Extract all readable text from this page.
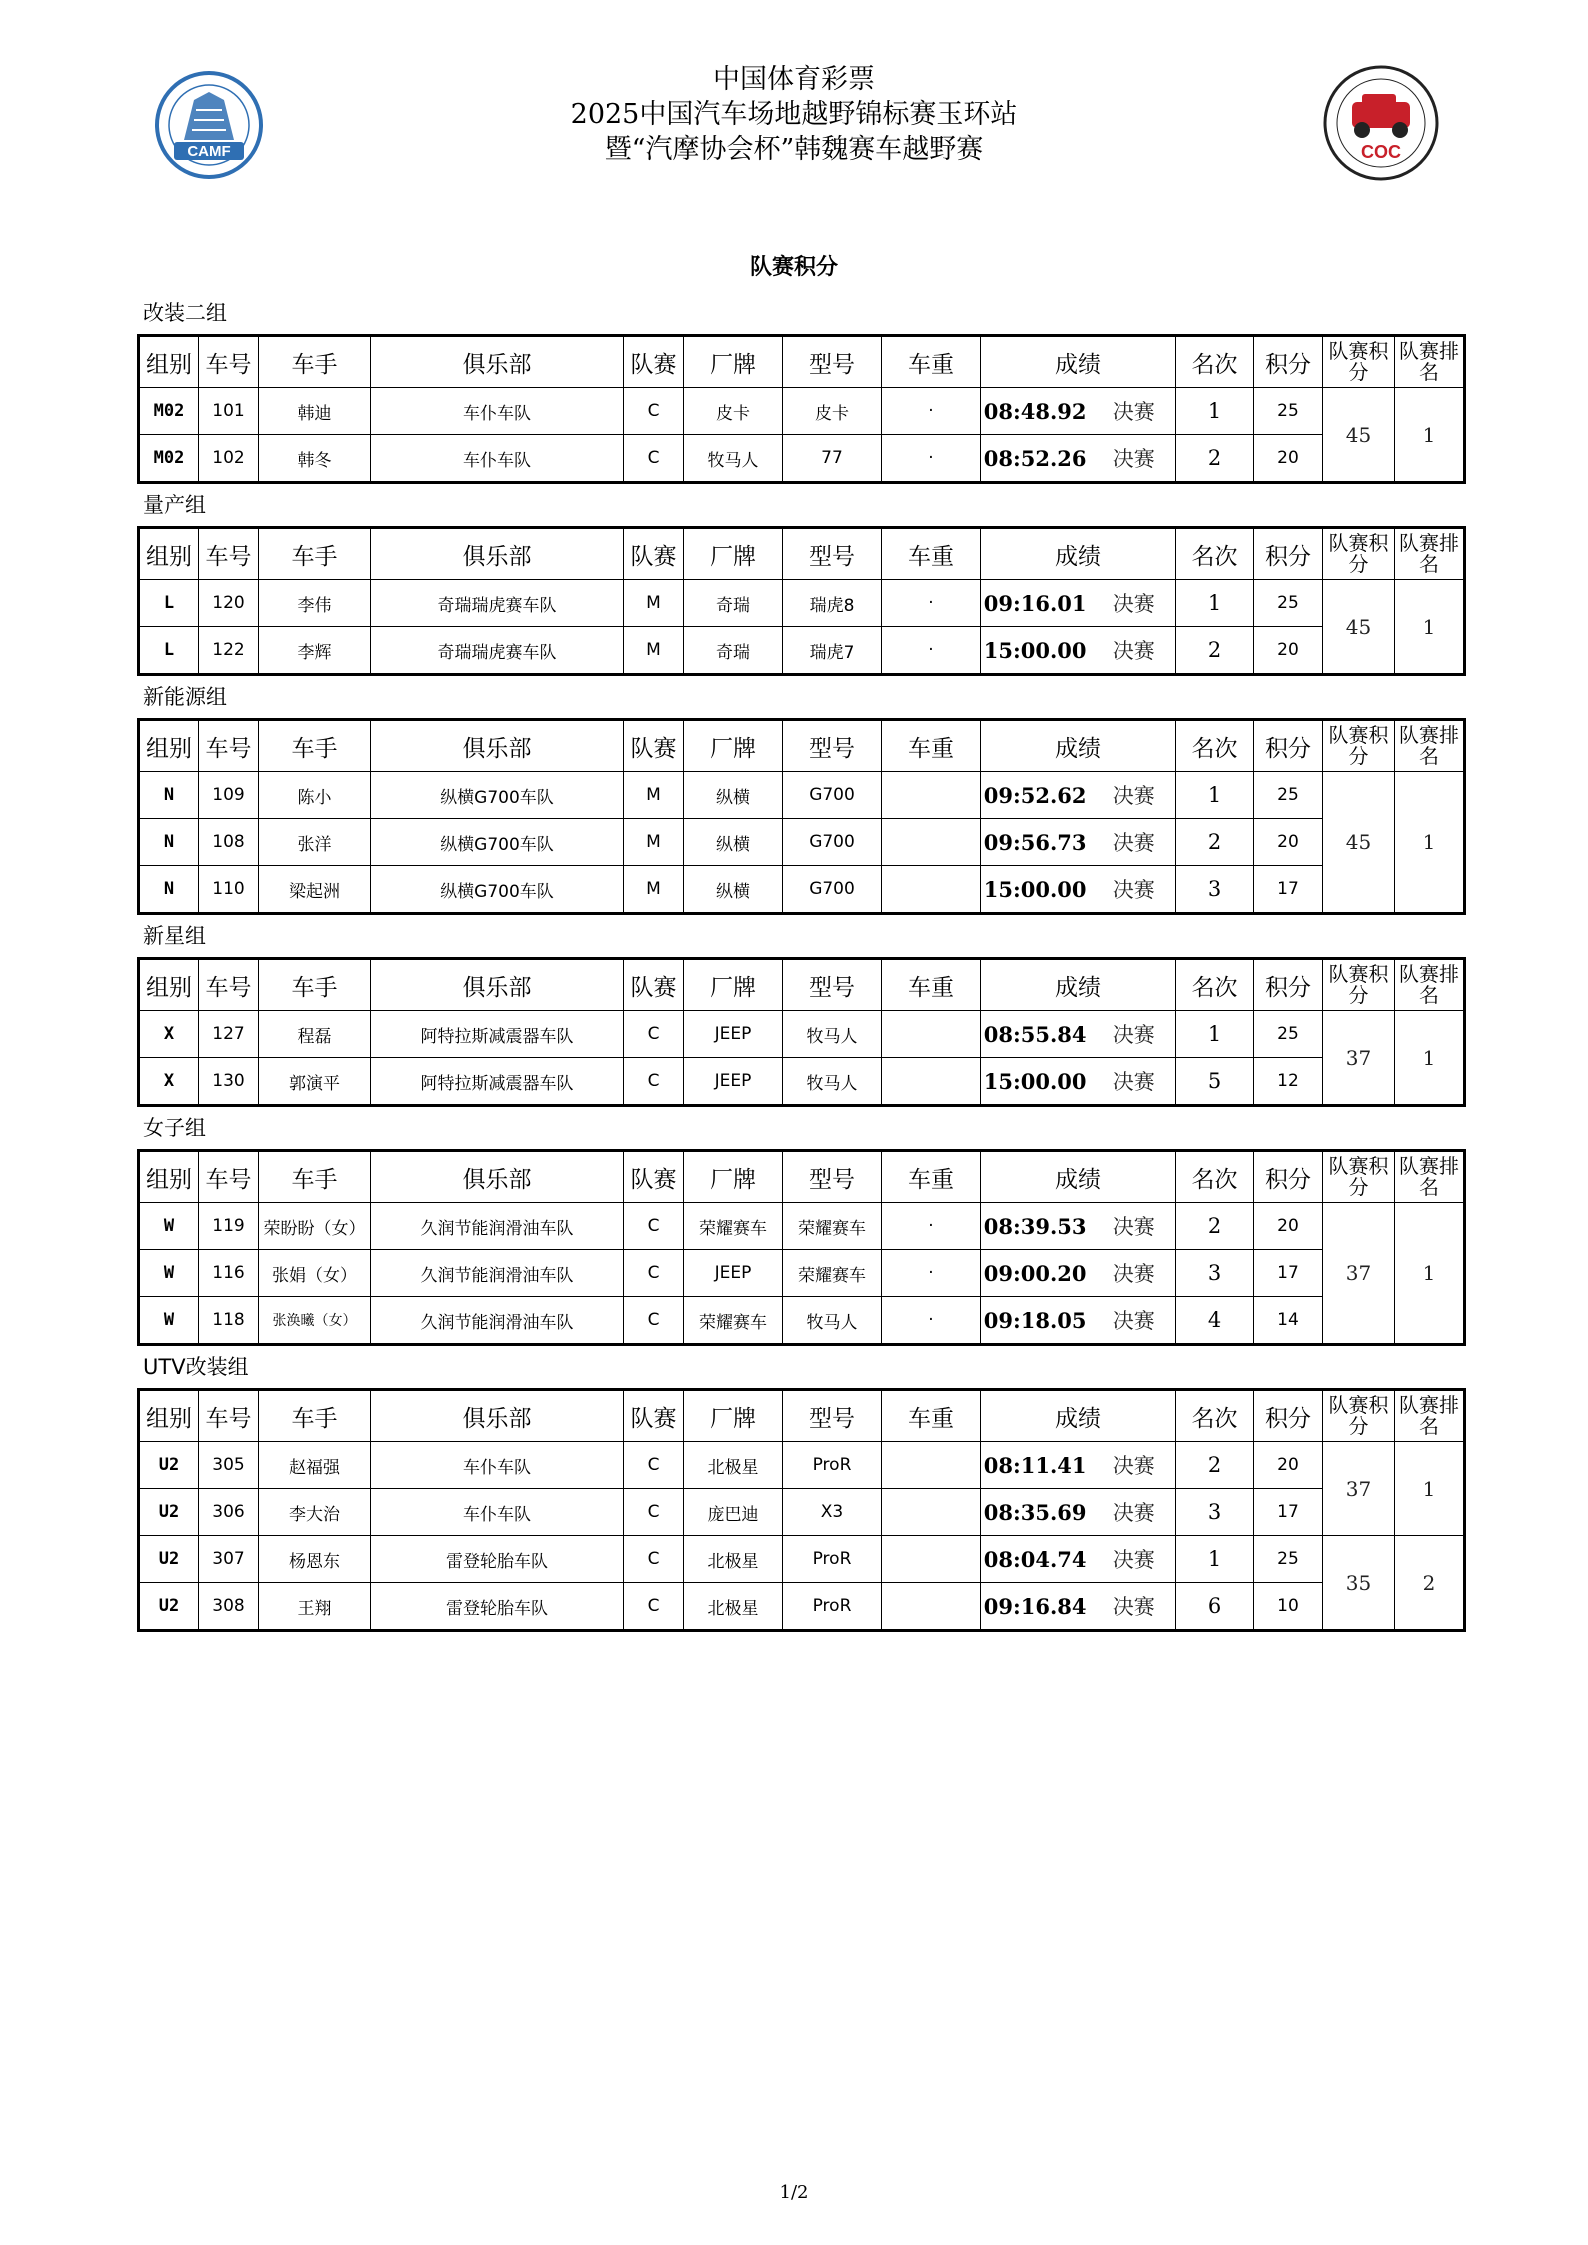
CAMF	COC
中国体育彩票
2025中国汽车场地越野锦标赛玉环站
暨“汽摩协会杯”韩魏赛车越野赛
队赛积分
改装二组
组别	车号	车手	俱乐部	队赛	厂牌	型号	车重	成绩		名次	积分	队赛积分	队赛排名
M02	101	韩迪	车仆车队	C	皮卡	皮卡	·	08:48.92	决赛	1	25	45	1
M02	102	韩冬	车仆车队	C	牧马人	77	·	08:52.26	决赛	2	20		
量产组
组别	车号	车手	俱乐部	队赛	厂牌	型号	车重	成绩		名次	积分	队赛积分	队赛排名
L	120	李伟	奇瑞瑞虎赛车队	M	奇瑞	瑞虎8	·	09:16.01	决赛	1	25	45	1
L	122	李辉	奇瑞瑞虎赛车队	M	奇瑞	瑞虎7	·	15:00.00	决赛	2	20		
新能源组
组别	车号	车手	俱乐部	队赛	厂牌	型号	车重	成绩		名次	积分	队赛积分	队赛排名
N	109	陈小	纵横G700车队	M	纵横	G700		09:52.62	决赛	1	25	45	1
N	108	张洋	纵横G700车队	M	纵横	G700		09:56.73	决赛	2	20		
N	110	梁起洲	纵横G700车队	M	纵横	G700		15:00.00	决赛	3	17		
新星组
组别	车号	车手	俱乐部	队赛	厂牌	型号	车重	成绩		名次	积分	队赛积分	队赛排名
X	127	程磊	阿特拉斯减震器车队	C	JEEP	牧马人		08:55.84	决赛	1	25	37	1
X	130	郭演平	阿特拉斯减震器车队	C	JEEP	牧马人		15:00.00	决赛	5	12		
女子组
组别	车号	车手	俱乐部	队赛	厂牌	型号	车重	成绩		名次	积分	队赛积分	队赛排名
W	119	荣盼盼（女）	久润节能润滑油车队	C	荣耀赛车	荣耀赛车	·	08:39.53	决赛	2	20	37	1
W	116	张娟（女）	久润节能润滑油车队	C	JEEP	荣耀赛车	·	09:00.20	决赛	3	17		
W	118	张涣曦（女）	久润节能润滑油车队	C	荣耀赛车	牧马人	·	09:18.05	决赛	4	14		
UTV改装组
组别	车号	车手	俱乐部	队赛	厂牌	型号	车重	成绩		名次	积分	队赛积分	队赛排名
U2	305	赵福强	车仆车队	C	北极星	ProR		08:11.41	决赛	2	20	37	1
U2	306	李大治	车仆车队	C	庞巴迪	X3		08:35.69	决赛	3	17		
U2	307	杨恩东	雷登轮胎车队	C	北极星	ProR		08:04.74	决赛	1	25	35	2
U2	308	王翔	雷登轮胎车队	C	北极星	ProR		09:16.84	决赛	6	10		
1/2
